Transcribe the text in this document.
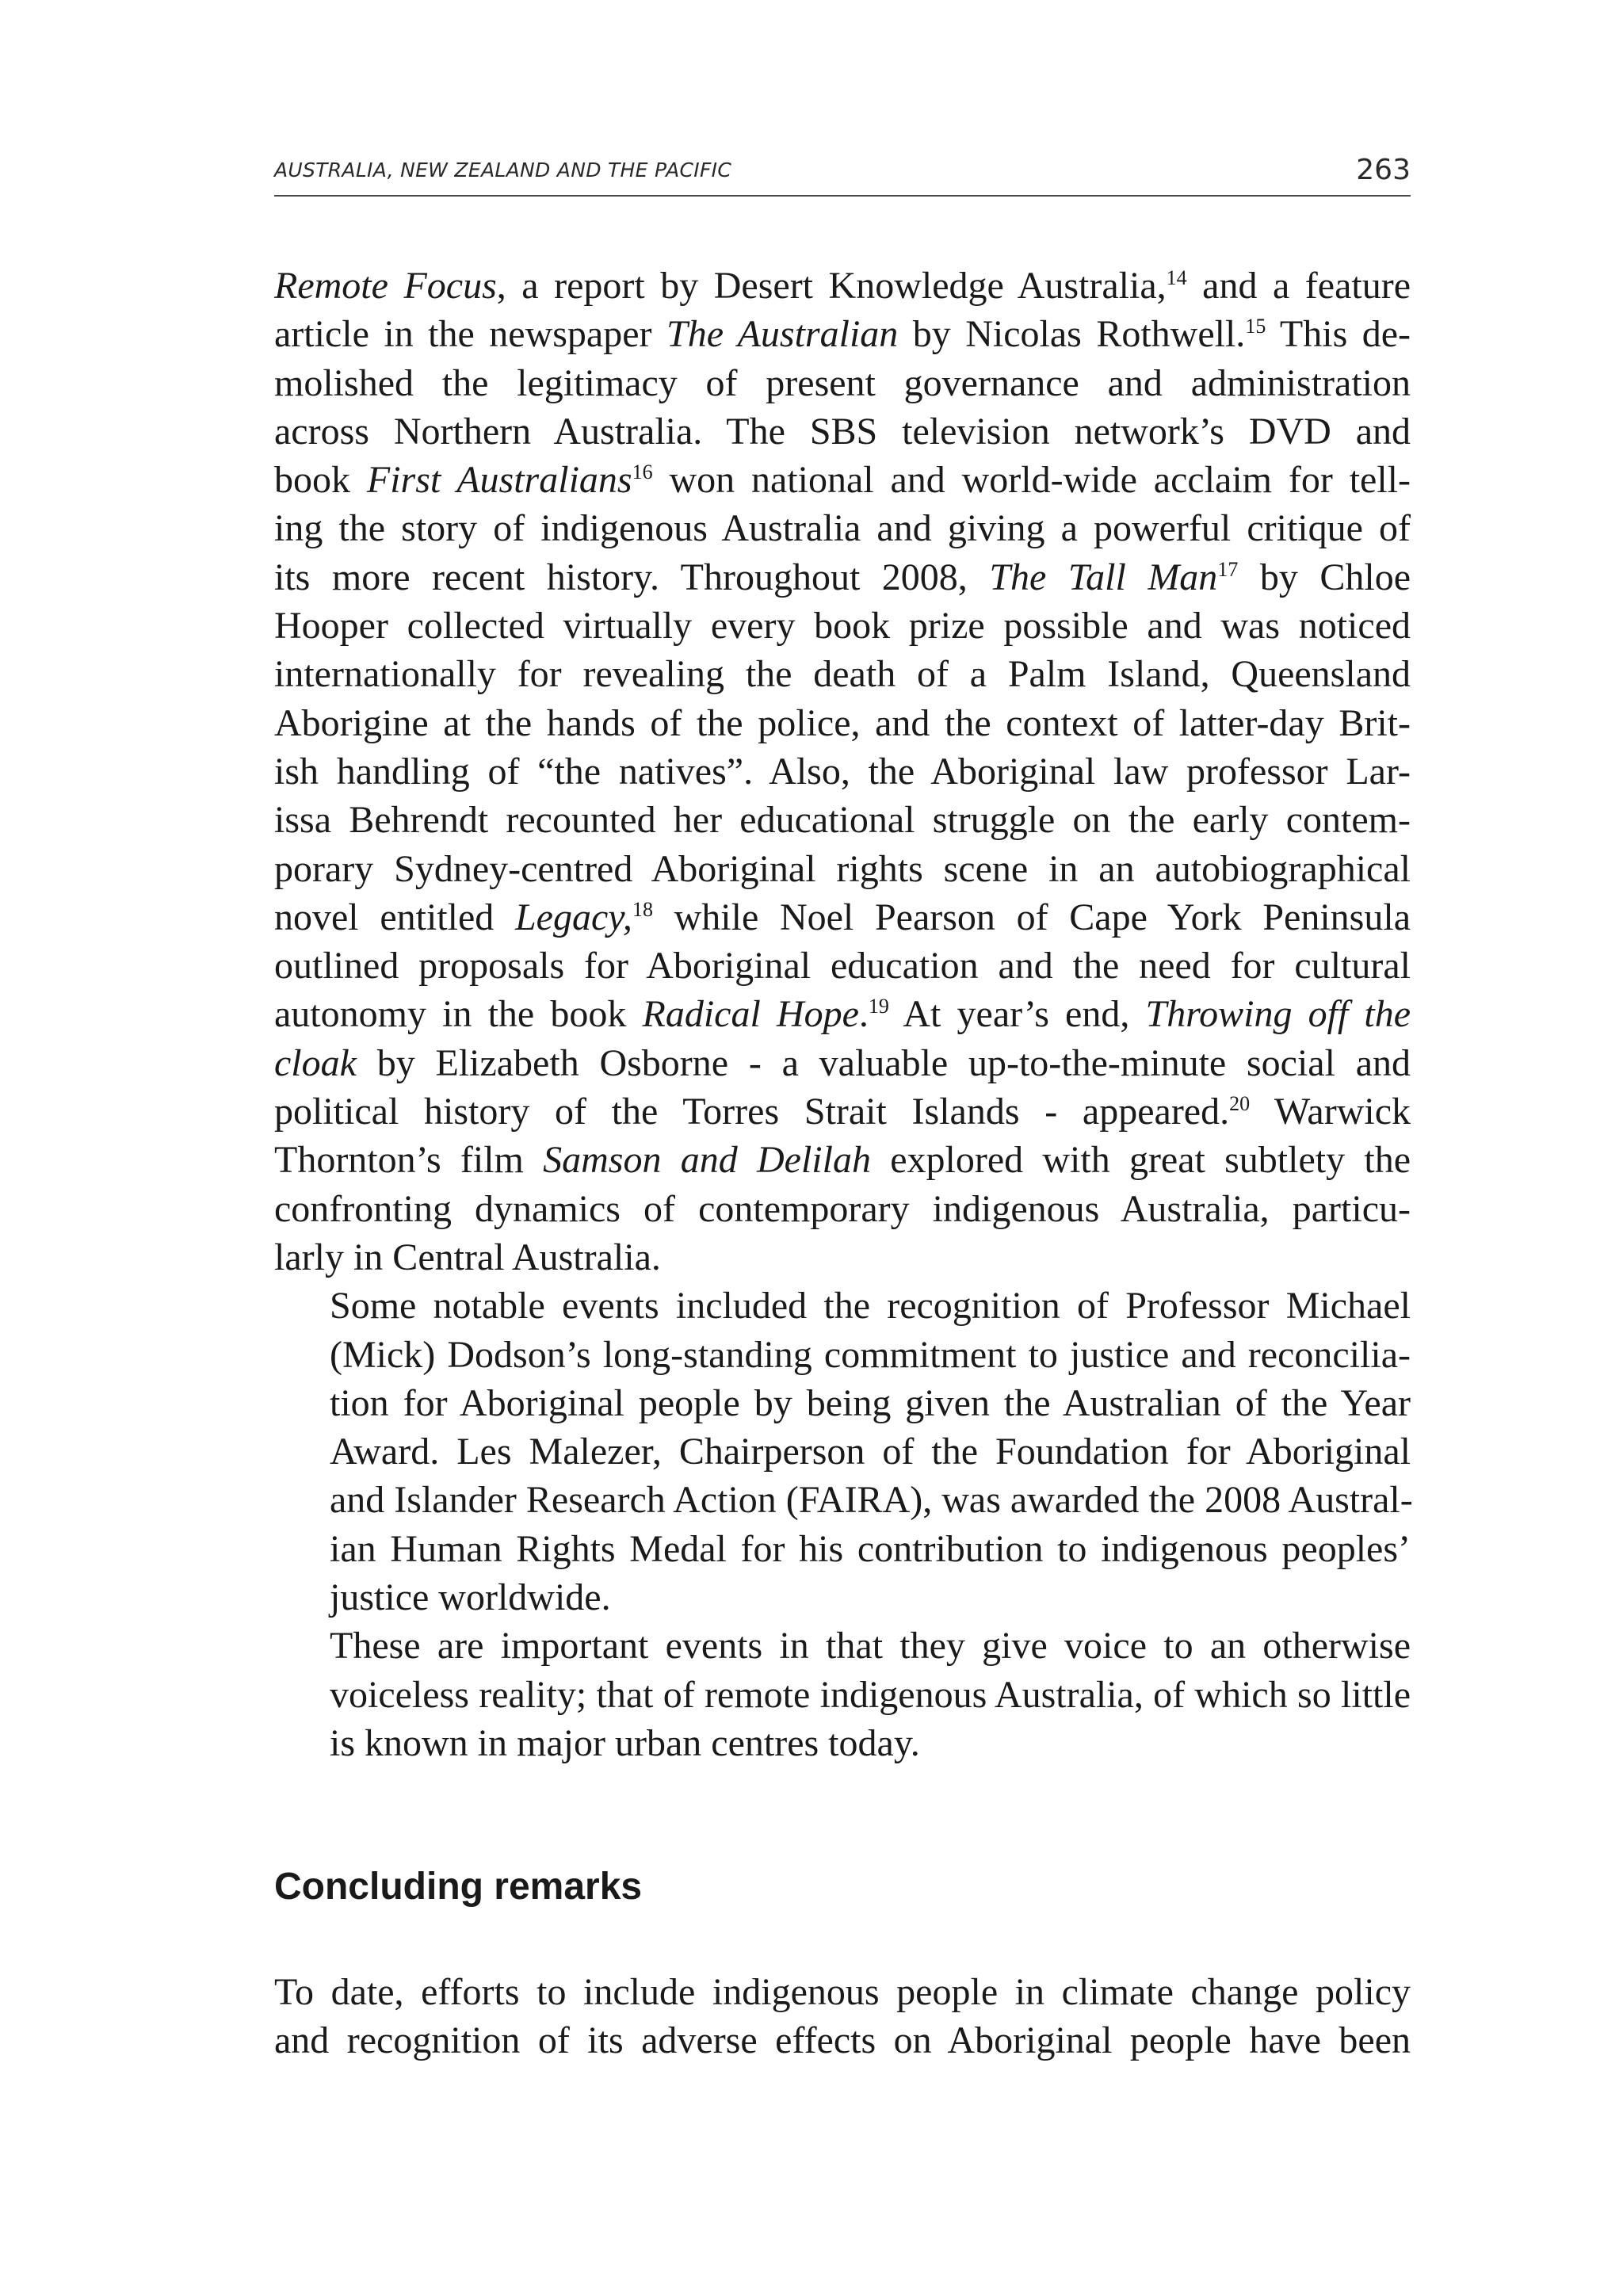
AUSTRALIA, NEW ZEALAND AND THE PACIFIC	263

Remote Focus, a report by Desert Knowledge Australia,$^{14}$ and a feature
article in the newspaper The Australian by Nicolas Rothwell.$^{15}$ This de-
molished the legitimacy of present governance and administration
across Northern Australia. The SBS television network’s DVD and
book First Australians$^{16}$ won national and world-wide acclaim for tell-
ing the story of indigenous Australia and giving a powerful critique of
its more recent history. Throughout 2008, The Tall Man$^{17}$ by Chloe
Hooper collected virtually every book prize possible and was noticed
internationally for revealing the death of a Palm Island, Queensland
Aborigine at the hands of the police, and the context of latter-day Brit-
ish handling of “the natives”. Also, the Aboriginal law professor Lar-
issa Behrendt recounted her educational struggle on the early contem-
porary Sydney-centred Aboriginal rights scene in an autobiographical
novel entitled Legacy,$^{18}$ while Noel Pearson of Cape York Peninsula
outlined proposals for Aboriginal education and the need for cultural
autonomy in the book Radical Hope.$^{19}$ At year’s end, Throwing off the
cloak by Elizabeth Osborne - a valuable up-to-the-minute social and
political history of the Torres Strait Islands - appeared.$^{20}$ Warwick
Thornton’s film Samson and Delilah explored with great subtlety the
confronting dynamics of contemporary indigenous Australia, particu-
larly in Central Australia.

Some notable events included the recognition of Professor Michael
(Mick) Dodson’s long-standing commitment to justice and reconcilia-
tion for Aboriginal people by being given the Australian of the Year
Award. Les Malezer, Chairperson of the Foundation for Aboriginal
and Islander Research Action (FAIRA), was awarded the 2008 Austral-
ian Human Rights Medal for his contribution to indigenous peoples’
justice worldwide.

These are important events in that they give voice to an otherwise
voiceless reality; that of remote indigenous Australia, of which so little
is known in major urban centres today.

Concluding remarks

To date, efforts to include indigenous people in climate change policy
and recognition of its adverse effects on Aboriginal people have been
